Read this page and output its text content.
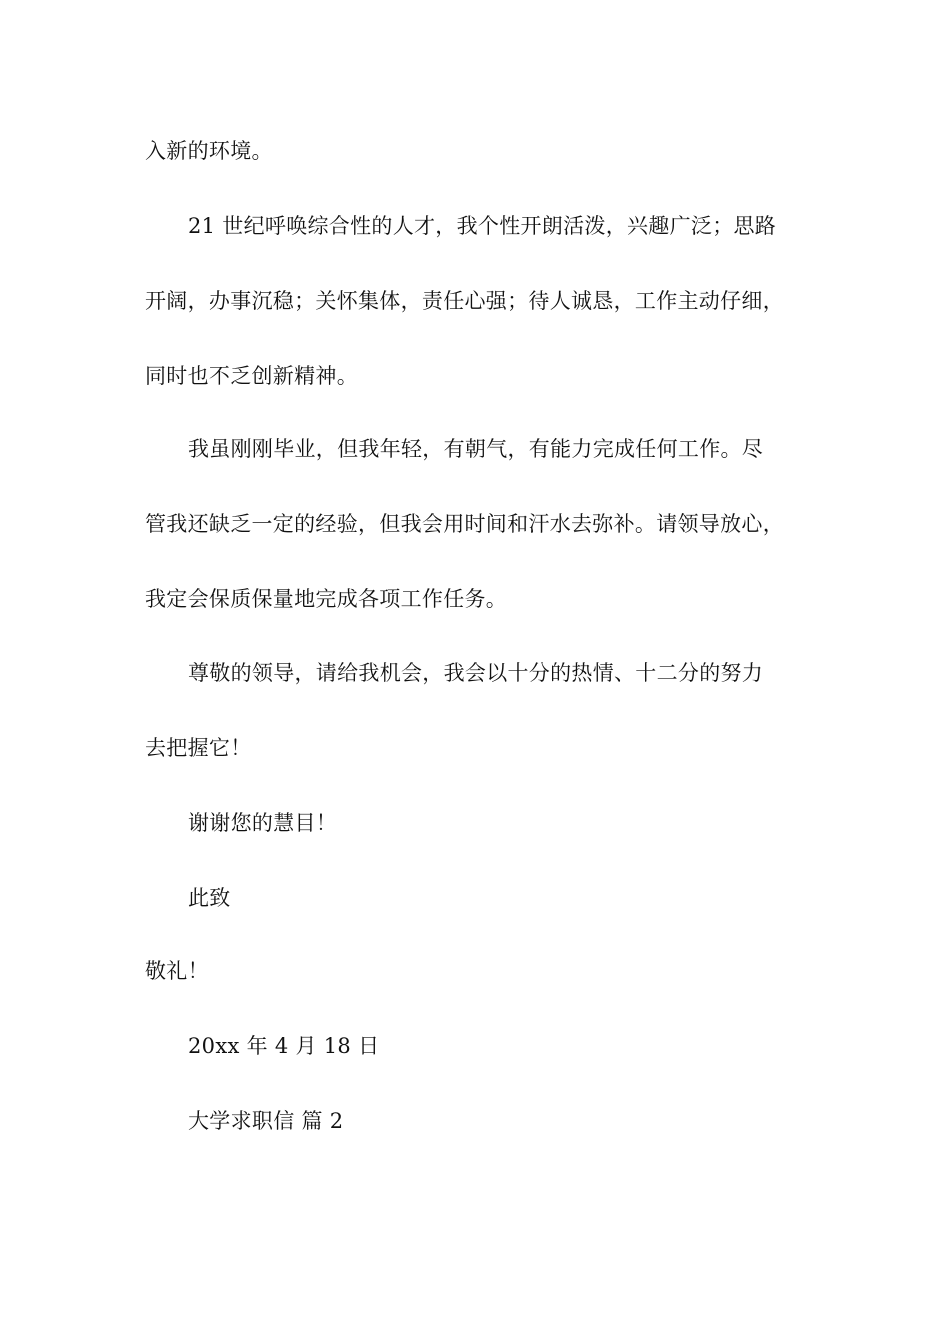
入新的环境。
21 世纪呼唤综合性的人才，我个性开朗活泼，兴趣广泛；思路
开阔，办事沉稳；关怀集体，责任心强；待人诚恳，工作主动仔细，
同时也不乏创新精神。
我虽刚刚毕业，但我年轻，有朝气，有能力完成任何工作。尽
管我还缺乏一定的经验，但我会用时间和汗水去弥补。请领导放心，
我定会保质保量地完成各项工作任务。
尊敬的领导，请给我机会，我会以十分的热情、十二分的努力
去把握它！
谢谢您的慧目！
此致
敬礼！
20xx 年 4 月 18 日
大学求职信 篇 2
